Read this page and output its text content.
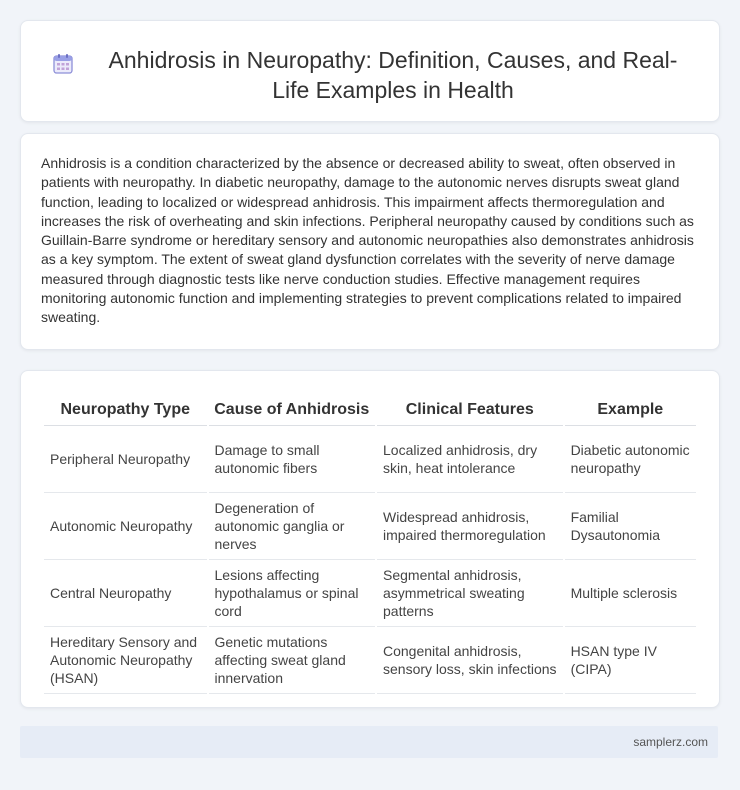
Anhidrosis in Neuropathy: Definition, Causes, and Real-Life Examples in Health

Anhidrosis is a condition characterized by the absence or decreased ability to sweat, often observed in patients with neuropathy. In diabetic neuropathy, damage to the autonomic nerves disrupts sweat gland function, leading to localized or widespread anhidrosis. This impairment affects thermoregulation and increases the risk of overheating and skin infections. Peripheral neuropathy caused by conditions such as Guillain-Barre syndrome or hereditary sensory and autonomic neuropathies also demonstrates anhidrosis as a key symptom. The extent of sweat gland dysfunction correlates with the severity of nerve damage measured through diagnostic tests like nerve conduction studies. Effective management requires monitoring autonomic function and implementing strategies to prevent complications related to impaired sweating.

Neuropathy Type	Cause of Anhidrosis	Clinical Features	Example
Peripheral Neuropathy	Damage to small autonomic fibers	Localized anhidrosis, dry skin, heat intolerance	Diabetic autonomic neuropathy
Autonomic Neuropathy	Degeneration of autonomic ganglia or nerves	Widespread anhidrosis, impaired thermoregulation	Familial Dysautonomia
Central Neuropathy	Lesions affecting hypothalamus or spinal cord	Segmental anhidrosis, asymmetrical sweating patterns	Multiple sclerosis
Hereditary Sensory and Autonomic Neuropathy (HSAN)	Genetic mutations affecting sweat gland innervation	Congenital anhidrosis, sensory loss, skin infections	HSAN type IV (CIPA)
samplerz.com
